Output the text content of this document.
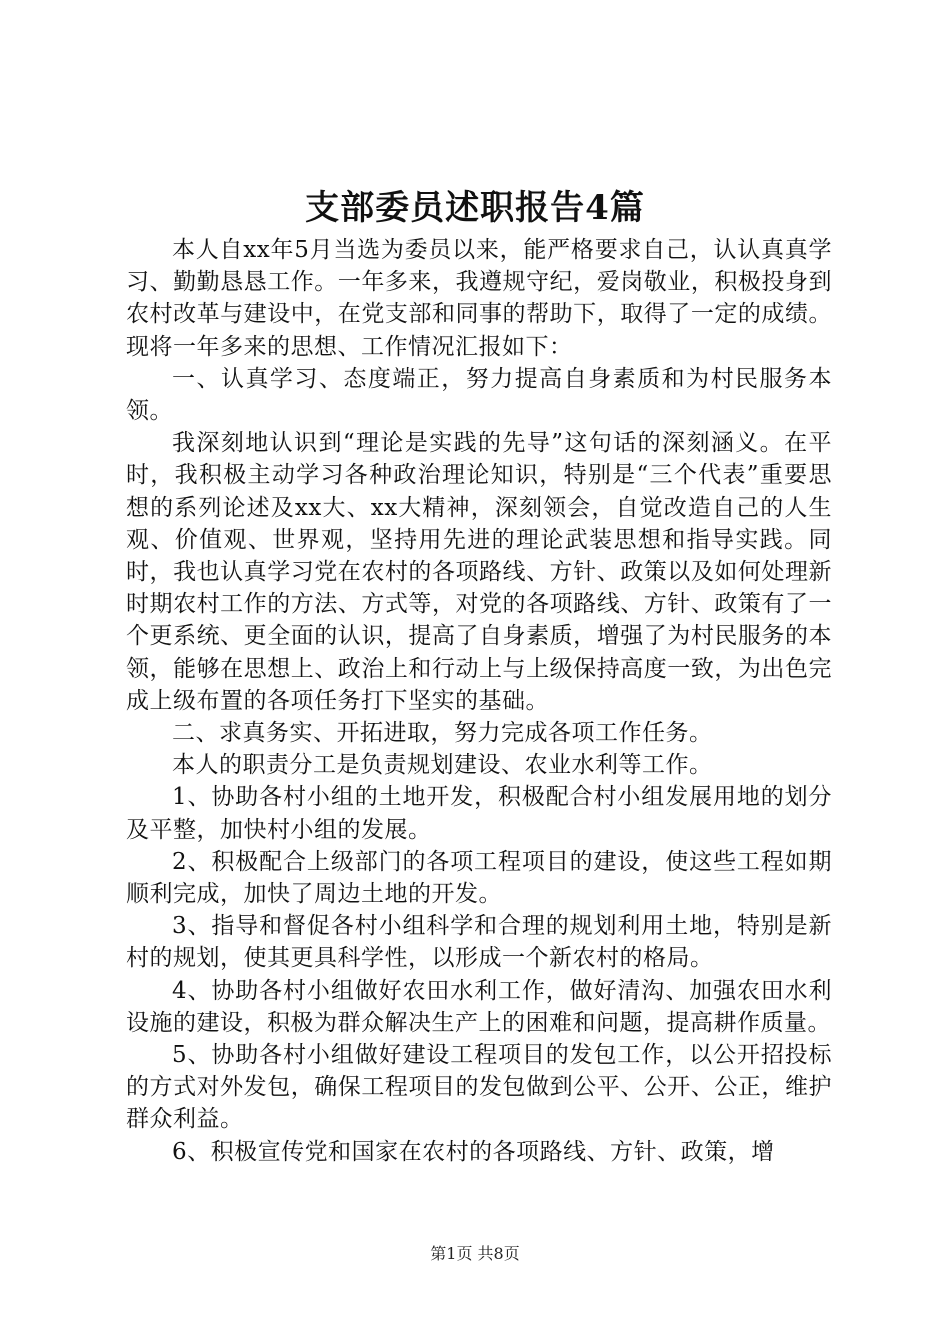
支部委员述职报告4篇

本人自xx年5月当选为委员以来，能严格要求自己，认认真真学习、勤勤恳恳工作。一年多来，我遵规守纪，爱岗敬业，积极投身到农村改革与建设中，在党支部和同事的帮助下，取得了一定的成绩。现将一年多来的思想、工作情况汇报如下：

一、认真学习、态度端正，努力提高自身素质和为村民服务本领。

我深刻地认识到“理论是实践的先导”这句话的深刻涵义。在平时，我积极主动学习各种政治理论知识，特别是“三个代表”重要思想的系列论述及xx大、xx大精神，深刻领会，自觉改造自己的人生观、价值观、世界观，坚持用先进的理论武装思想和指导实践。同时，我也认真学习党在农村的各项路线、方针、政策以及如何处理新时期农村工作的方法、方式等，对党的各项路线、方针、政策有了一个更系统、更全面的认识，提高了自身素质，增强了为村民服务的本领，能够在思想上、政治上和行动上与上级保持高度一致，为出色完成上级布置的各项任务打下坚实的基础。

二、求真务实、开拓进取，努力完成各项工作任务。

本人的职责分工是负责规划建设、农业水利等工作。

1、协助各村小组的土地开发，积极配合村小组发展用地的划分及平整，加快村小组的发展。

2、积极配合上级部门的各项工程项目的建设，使这些工程如期顺利完成，加快了周边土地的开发。

3、指导和督促各村小组科学和合理的规划利用土地，特别是新村的规划，使其更具科学性，以形成一个新农村的格局。

4、协助各村小组做好农田水利工作，做好清沟、加强农田水利设施的建设，积极为群众解决生产上的困难和问题，提高耕作质量。

5、协助各村小组做好建设工程项目的发包工作，以公开招投标的方式对外发包，确保工程项目的发包做到公平、公开、公正，维护群众利益。

6、积极宣传党和国家在农村的各项路线、方针、政策，增

第1页 共8页
